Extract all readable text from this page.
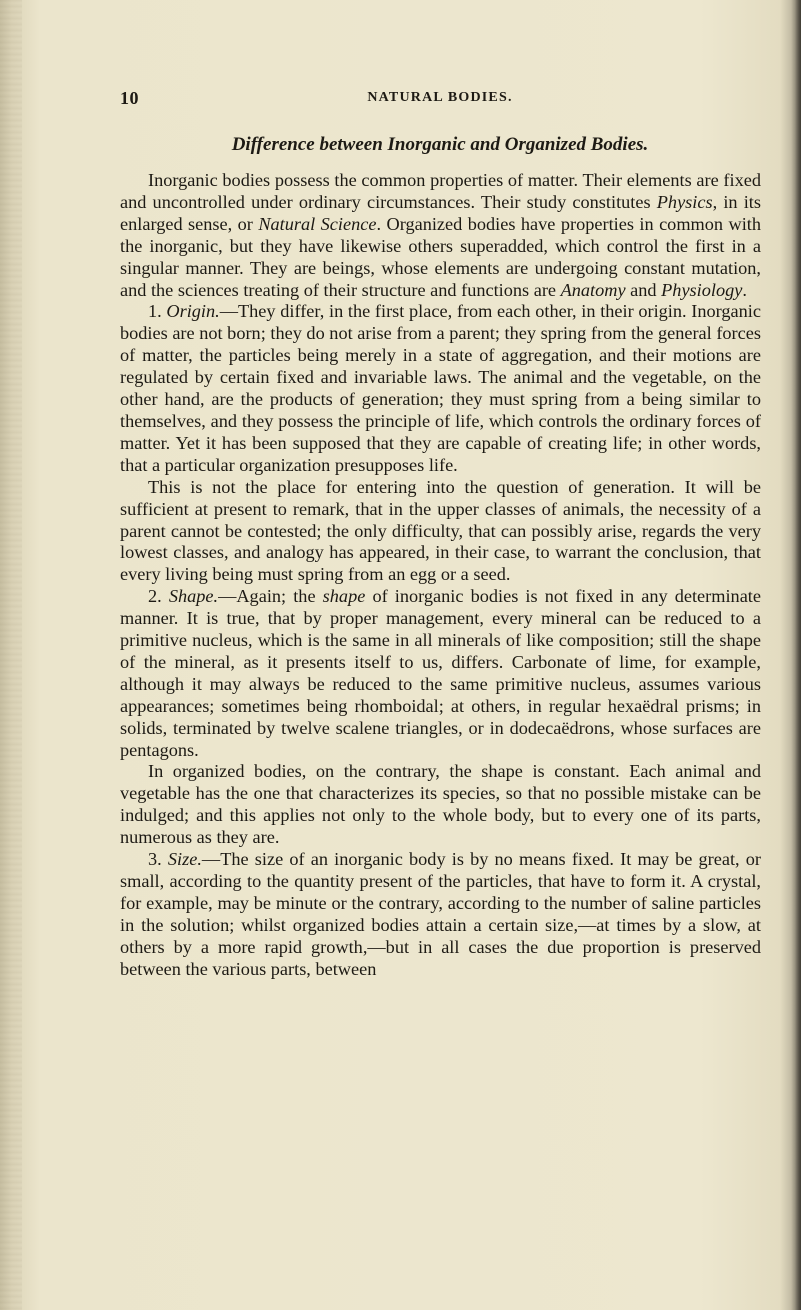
10	NATURAL BODIES.
Difference between Inorganic and Organized Bodies.

Inorganic bodies possess the common properties of matter. Their elements are fixed and uncontrolled under ordinary circumstances. Their study constitutes Physics, in its enlarged sense, or Natural Science. Organized bodies have properties in common with the inorganic, but they have likewise others superadded, which control the first in a singular manner. They are beings, whose elements are undergoing constant mutation, and the sciences treating of their structure and functions are Anatomy and Physiology.

1. Origin.—They differ, in the first place, from each other, in their origin. Inorganic bodies are not born; they do not arise from a parent; they spring from the general forces of matter, the particles being merely in a state of aggregation, and their motions are regulated by certain fixed and invariable laws. The animal and the vegetable, on the other hand, are the products of generation; they must spring from a being similar to themselves, and they possess the principle of life, which controls the ordinary forces of matter. Yet it has been supposed that they are capable of creating life; in other words, that a particular organization presupposes life.

This is not the place for entering into the question of generation. It will be sufficient at present to remark, that in the upper classes of animals, the necessity of a parent cannot be contested; the only difficulty, that can possibly arise, regards the very lowest classes, and analogy has appeared, in their case, to warrant the conclusion, that every living being must spring from an egg or a seed.

2. Shape.—Again; the shape of inorganic bodies is not fixed in any determinate manner. It is true, that by proper management, every mineral can be reduced to a primitive nucleus, which is the same in all minerals of like composition; still the shape of the mineral, as it presents itself to us, differs. Carbonate of lime, for example, although it may always be reduced to the same primitive nucleus, assumes various appearances; sometimes being rhomboidal; at others, in regular hexaëdral prisms; in solids, terminated by twelve scalene triangles, or in dodecaëdrons, whose surfaces are pentagons.

In organized bodies, on the contrary, the shape is constant. Each animal and vegetable has the one that characterizes its species, so that no possible mistake can be indulged; and this applies not only to the whole body, but to every one of its parts, numerous as they are.

3. Size.—The size of an inorganic body is by no means fixed. It may be great, or small, according to the quantity present of the particles, that have to form it. A crystal, for example, may be minute or the contrary, according to the number of saline particles in the solution; whilst organized bodies attain a certain size,—at times by a slow, at others by a more rapid growth,—but in all cases the due proportion is preserved between the various parts, between
